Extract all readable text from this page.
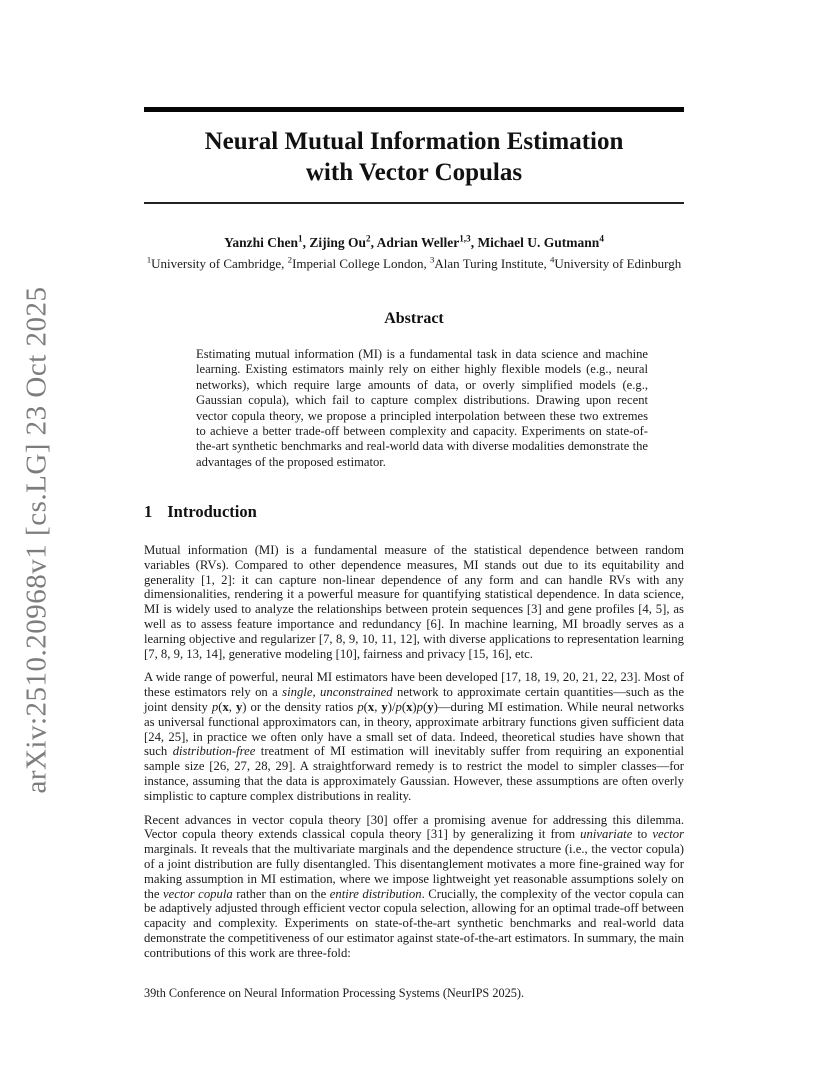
arXiv:2510.20968v1 [cs.LG] 23 Oct 2025
Neural Mutual Information Estimation
with Vector Copulas
Yanzhi Chen$^1$, Zijing Ou$^2$, Adrian Weller$^{1,3}$, Michael U. Gutmann$^4$
$^1$University of Cambridge, $^2$Imperial College London, $^3$Alan Turing Institute, $^4$University of Edinburgh
Abstract
Estimating mutual information (MI) is a fundamental task in data science and machine learning. Existing estimators mainly rely on either highly flexible models (e.g., neural networks), which require large amounts of data, or overly simplified models (e.g., Gaussian copula), which fail to capture complex distributions. Drawing upon recent vector copula theory, we propose a principled interpolation between these two extremes to achieve a better trade-off between complexity and capacity. Experiments on state-of-the-art synthetic benchmarks and real-world data with diverse modalities demonstrate the advantages of the proposed estimator.
1 Introduction

Mutual information (MI) is a fundamental measure of the statistical dependence between random variables (RVs). Compared to other dependence measures, MI stands out due to its equitability and generality [1, 2]: it can capture non-linear dependence of any form and can handle RVs with any dimensionalities, rendering it a powerful measure for quantifying statistical dependence. In data science, MI is widely used to analyze the relationships between protein sequences [3] and gene profiles [4, 5], as well as to assess feature importance and redundancy [6]. In machine learning, MI broadly serves as a learning objective and regularizer [7, 8, 9, 10, 11, 12], with diverse applications to representation learning [7, 8, 9, 13, 14], generative modeling [10], fairness and privacy [15, 16], etc.

A wide range of powerful, neural MI estimators have been developed [17, 18, 19, 20, 21, 22, 23]. Most of these estimators rely on a single, unconstrained network to approximate certain quantities—such as the joint density p(x, y) or the density ratios p(x, y)/p(x)p(y)—during MI estimation. While neural networks as universal functional approximators can, in theory, approximate arbitrary functions given sufficient data [24, 25], in practice we often only have a small set of data. Indeed, theoretical studies have shown that such distribution-free treatment of MI estimation will inevitably suffer from requiring an exponential sample size [26, 27, 28, 29]. A straightforward remedy is to restrict the model to simpler classes—for instance, assuming that the data is approximately Gaussian. However, these assumptions are often overly simplistic to capture complex distributions in reality.

Recent advances in vector copula theory [30] offer a promising avenue for addressing this dilemma. Vector copula theory extends classical copula theory [31] by generalizing it from univariate to vector marginals. It reveals that the multivariate marginals and the dependence structure (i.e., the vector copula) of a joint distribution are fully disentangled. This disentanglement motivates a more fine-grained way for making assumption in MI estimation, where we impose lightweight yet reasonable assumptions solely on the vector copula rather than on the entire distribution. Crucially, the complexity of the vector copula can be adaptively adjusted through efficient vector copula selection, allowing for an optimal trade-off between capacity and complexity. Experiments on state-of-the-art synthetic benchmarks and real-world data demonstrate the competitiveness of our estimator against state-of-the-art estimators. In summary, the main contributions of this work are three-fold:

39th Conference on Neural Information Processing Systems (NeurIPS 2025).
